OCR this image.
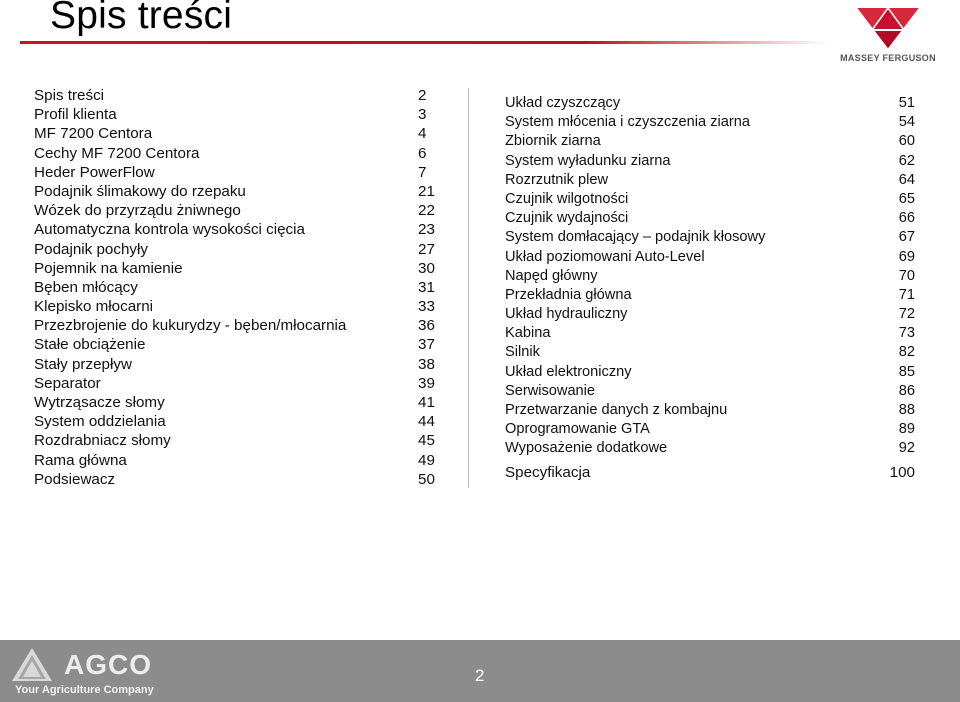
Spis treści
MASSEY FERGUSON
Spis treści	2
Profil klienta	3
MF 7200 Centora	4
Cechy MF 7200 Centora	6
Heder PowerFlow	7
Podajnik ślimakowy do rzepaku	21
Wózek do przyrządu żniwnego	22
Automatyczna kontrola wysokości cięcia	23
Podajnik pochyły	27
Pojemnik na kamienie	30
Bęben młócący	31
Klepisko młocarni	33
Przezbrojenie do kukurydzy - bęben/młocarnia	36
Stałe obciążenie	37
Stały przepływ	38
Separator	39
Wytrząsacze słomy	41
System oddzielania	44
Rozdrabniacz słomy	45
Rama główna	49
Podsiewacz	50
Układ czyszczący	51
System młócenia i czyszczenia ziarna	54
Zbiornik ziarna	60
System wyładunku ziarna	62
Rozrzutnik plew	64
Czujnik wilgotności	65
Czujnik wydajności	66
System domłacający – podajnik kłosowy	67
Układ poziomowani Auto-Level	69
Napęd główny	70
Przekładnia główna	71
Układ hydrauliczny	72
Kabina	73
Silnik	82
Układ elektroniczny	85
Serwisowanie	86
Przetwarzanie danych z kombajnu	88
Oprogramowanie GTA	89
Wyposażenie dodatkowe	92
Specyfikacja	100
AGCO
Your Agriculture Company
2
